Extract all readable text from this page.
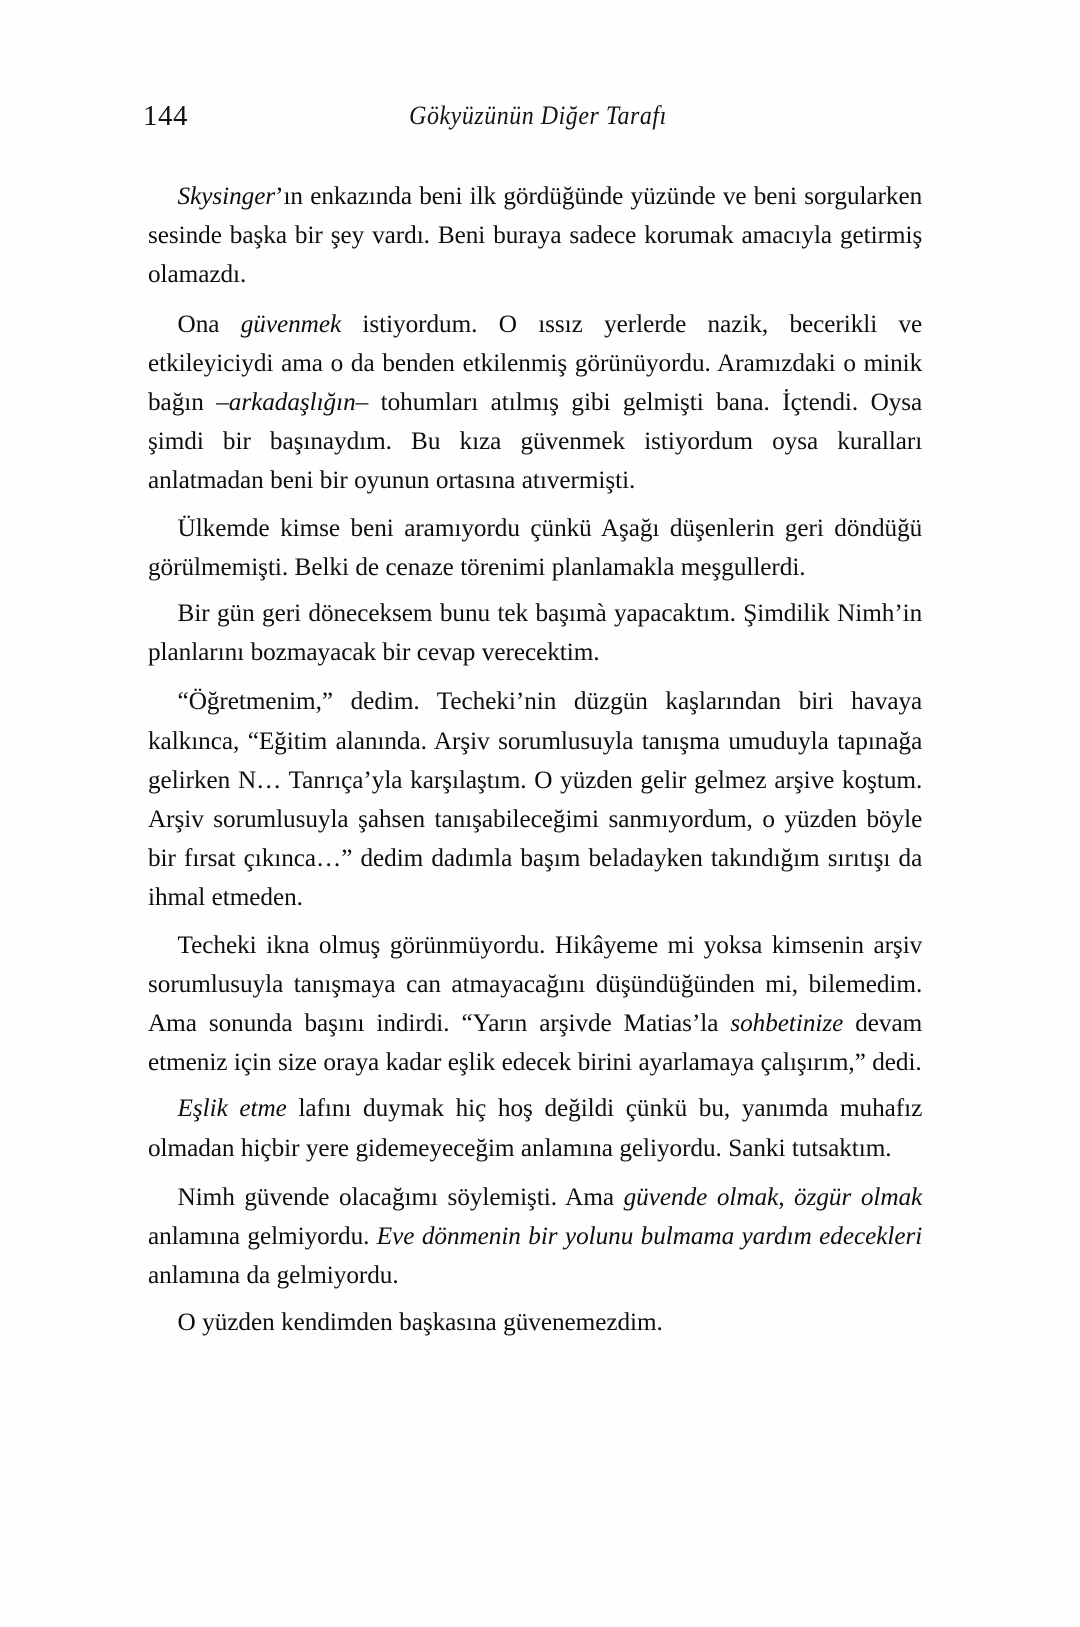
144	Gökyüzünün Diğer Tarafı

Skysinger’ın enkazında beni ilk gördüğünde yüzünde ve beni sorgularken sesinde başka bir şey vardı. Beni buraya sadece korumak amacıyla getirmiş olamazdı.

Ona güvenmek istiyordum. O ıssız yerlerde nazik, becerikli ve etkileyiciydi ama o da benden etkilenmiş görünüyordu. Aramızdaki o minik bağın –arkadaşlığın– tohumları atılmış gibi gelmişti bana. İçtendi. Oysa şimdi bir başınaydım. Bu kıza güvenmek istiyordum oysa kuralları anlatmadan beni bir oyunun ortasına atıvermişti.

Ülkemde kimse beni aramıyordu çünkü Aşağı düşenlerin geri döndüğü görülmemişti. Belki de cenaze törenimi planlamakla meşgullerdi.

Bir gün geri döneceksem bunu tek başımà yapacaktım. Şimdilik Nimh’in planlarını bozmayacak bir cevap verecektim.

“Öğretmenim,” dedim. Techeki’nin düzgün kaşlarından biri havaya kalkınca, “Eğitim alanında. Arşiv sorumlusuyla tanışma umuduyla tapınağa gelirken N… Tanrıça’yla karşılaştım. O yüzden gelir gelmez arşive koştum. Arşiv sorumlusuyla şahsen tanışabileceğimi sanmıyordum, o yüzden böyle bir fırsat çıkınca…” dedim dadımla başım beladayken takındığım sırıtışı da ihmal etmeden.

Techeki ikna olmuş görünmüyordu. Hikâyeme mi yoksa kimsenin arşiv sorumlusuyla tanışmaya can atmayacağını düşündüğünden mi, bilemedim. Ama sonunda başını indirdi. “Yarın arşivde Matias’la sohbetinize devam etmeniz için size oraya kadar eşlik edecek birini ayarlamaya çalışırım,” dedi.

Eşlik etme lafını duymak hiç hoş değildi çünkü bu, yanımda muhafız olmadan hiçbir yere gidemeyeceğim anlamına geliyordu. Sanki tutsaktım.

Nimh güvende olacağımı söylemişti. Ama güvende olmak, özgür olmak anlamına gelmiyordu. Eve dönmenin bir yolunu bulmama yardım edecekleri anlamına da gelmiyordu.

O yüzden kendimden başkasına güvenemezdim.
